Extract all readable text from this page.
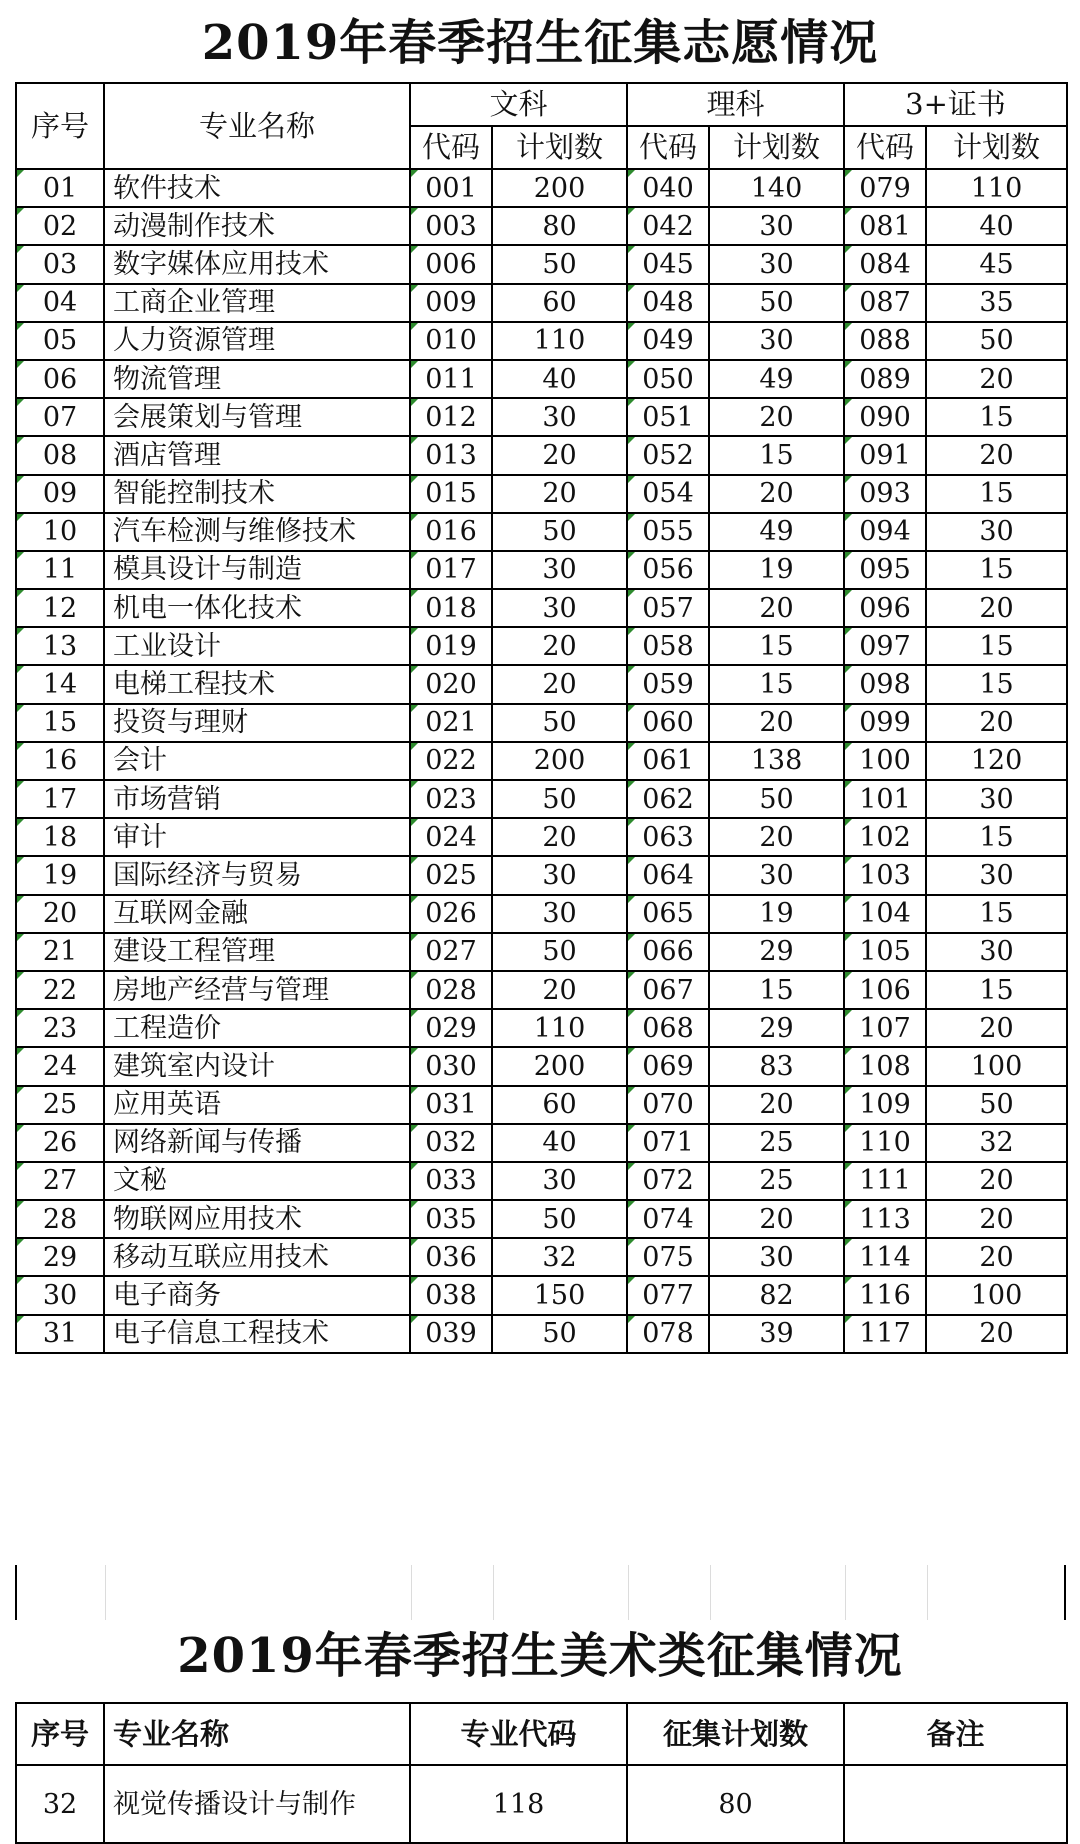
2019年春季招生征集志愿情况
序号	专业名称	文科		理科		3+证书	
		代码	计划数	代码	计划数	代码	计划数
01	软件技术	001	200	040	140	079	110
02	动漫制作技术	003	80	042	30	081	40
03	数字媒体应用技术	006	50	045	30	084	45
04	工商企业管理	009	60	048	50	087	35
05	人力资源管理	010	110	049	30	088	50
06	物流管理	011	40	050	49	089	20
07	会展策划与管理	012	30	051	20	090	15
08	酒店管理	013	20	052	15	091	20
09	智能控制技术	015	20	054	20	093	15
10	汽车检测与维修技术	016	50	055	49	094	30
11	模具设计与制造	017	30	056	19	095	15
12	机电一体化技术	018	30	057	20	096	20
13	工业设计	019	20	058	15	097	15
14	电梯工程技术	020	20	059	15	098	15
15	投资与理财	021	50	060	20	099	20
16	会计	022	200	061	138	100	120
17	市场营销	023	50	062	50	101	30
18	审计	024	20	063	20	102	15
19	国际经济与贸易	025	30	064	30	103	30
20	互联网金融	026	30	065	19	104	15
21	建设工程管理	027	50	066	29	105	30
22	房地产经营与管理	028	20	067	15	106	15
23	工程造价	029	110	068	29	107	20
24	建筑室内设计	030	200	069	83	108	100
25	应用英语	031	60	070	20	109	50
26	网络新闻与传播	032	40	071	25	110	32
27	文秘	033	30	072	25	111	20
28	物联网应用技术	035	50	074	20	113	20
29	移动互联应用技术	036	32	075	30	114	20
30	电子商务	038	150	077	82	116	100
31	电子信息工程技术	039	50	078	39	117	20
2019年春季招生美术类征集情况
序号	专业名称	专业代码	征集计划数	备注
32	视觉传播设计与制作	118	80	
